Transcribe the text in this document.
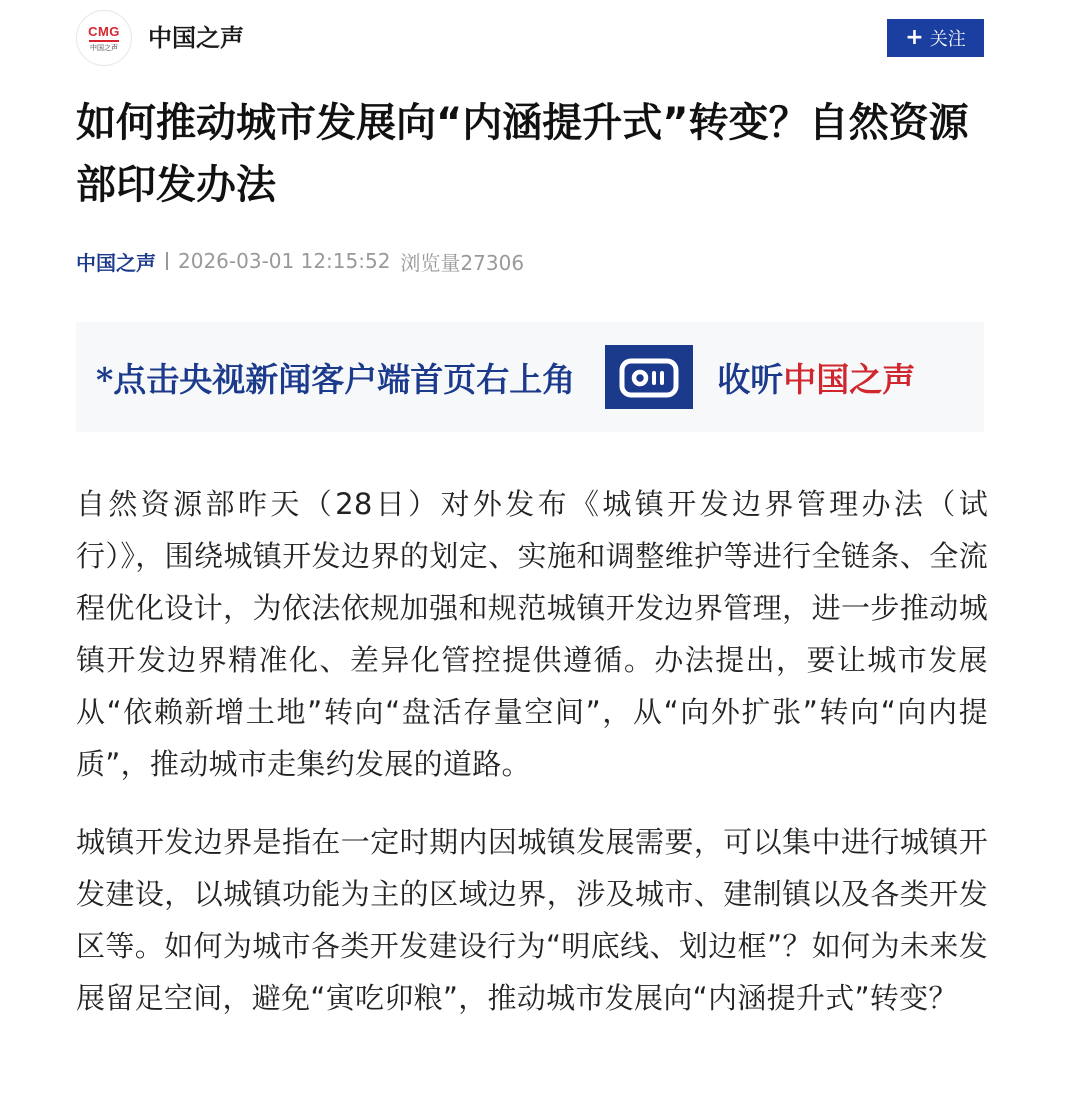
CMG
中国之声 中国之声	+ 关注
如何推动城市发展向“内涵提升式”转变？自然资源部印发办法
中国之声 2026-03-01 12:15:52 浏览量27306
*点击央视新闻客户端首页右上角	收听中国之声

自然资源部昨天（28日）对外发布《城镇开发边界管理办法（试行）》，围绕城镇开发边界的划定、实施和调整维护等进行全链条、全流程优化设计，为依法依规加强和规范城镇开发边界管理，进一步推动城镇开发边界精准化、差异化管控提供遵循。办法提出，要让城市发展从“依赖新增土地”转向“盘活存量空间”，从“向外扩张”转向“向内提质”，推动城市走集约发展的道路。

城镇开发边界是指在一定时期内因城镇发展需要，可以集中进行城镇开发建设，以城镇功能为主的区域边界，涉及城市、建制镇以及各类开发区等。如何为城市各类开发建设行为“明底线、划边框”？如何为未来发展留足空间，避免“寅吃卯粮”，推动城市发展向“内涵提升式”转变？
